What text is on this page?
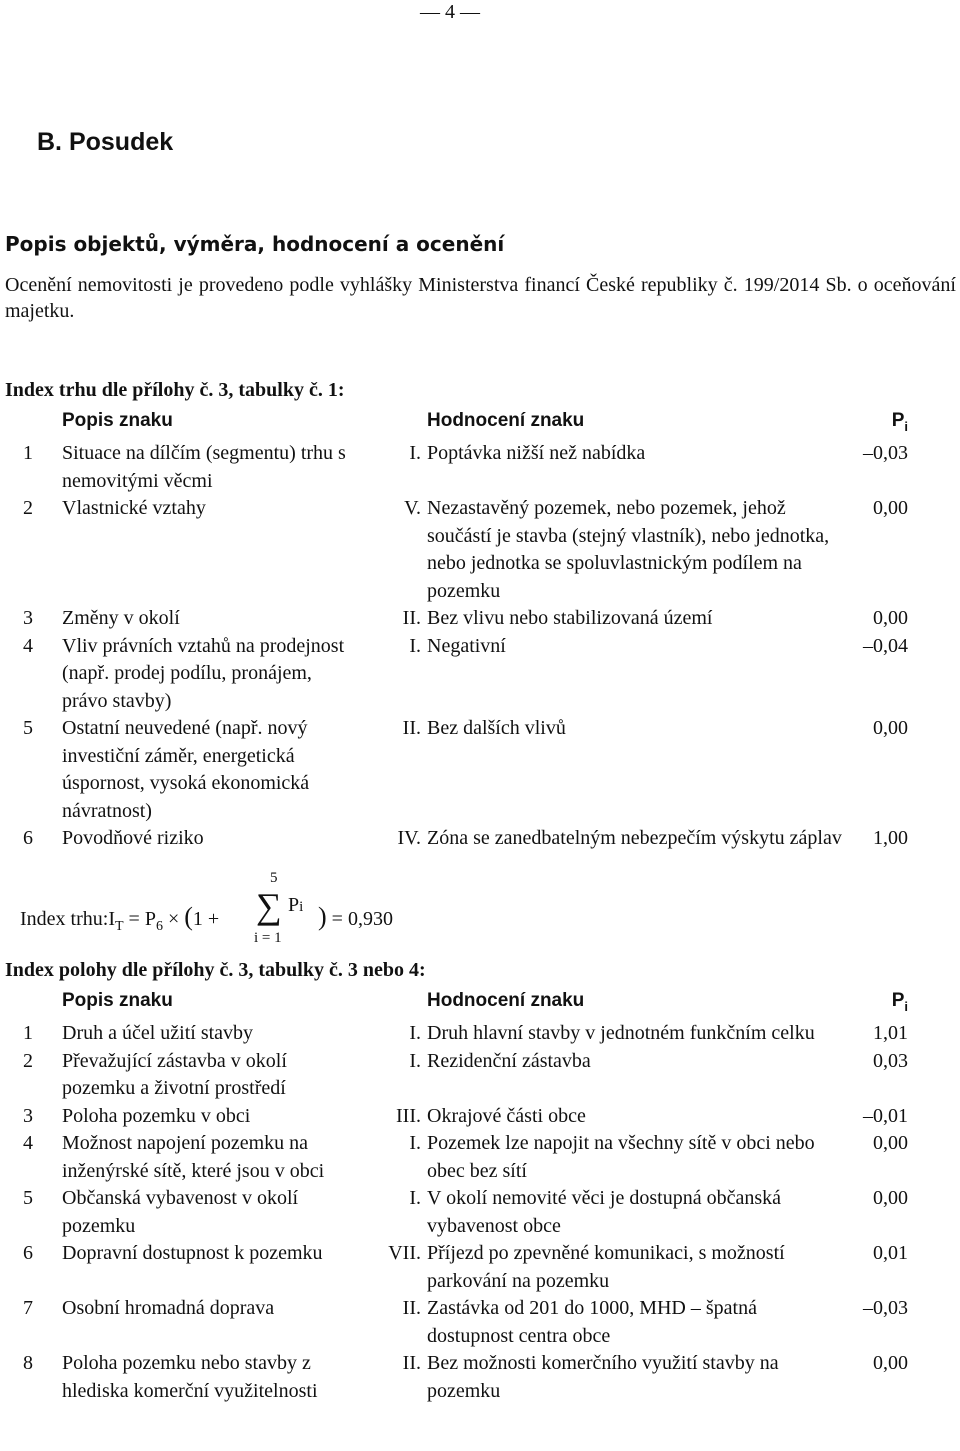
— 4 —
B. Posudek
Popis objektů, výměra, hodnocení a ocenění
Ocenění nemovitosti je provedeno podle vyhlášky Ministerstva financí České republiky č. 199/2014 Sb. o oceňování majetku.
Index trhu dle přílohy č. 3, tabulky č. 1:
	Popis znaku		Hodnocení znaku	$P_i$
1	Situace na dílčím (segmentu) trhu s nemovitými věcmi	I.	Poptávka nižší než nabídka	–0,03
2	Vlastnické vztahy	V.	Nezastavěný pozemek, nebo pozemek, jehož součástí je stavba (stejný vlastník), nebo jednotka, nebo jednotka se spoluvlastnickým podílem na pozemku	0,00
3	Změny v okolí	II.	Bez vlivu nebo stabilizovaná území	0,00
4	Vliv právních vztahů na prodejnost (např. prodej podílu, pronájem, právo stavby)	I.	Negativní	–0,04
5	Ostatní neuvedené (např. nový investiční záměr, energetická úspornost, vysoká ekonomická návratnost)	II.	Bez dalších vlivů	0,00
6	Povodňové riziko	IV.	Zóna se zanedbatelným nebezpečím výskytu záplav	1,00
Index $trhu:I_T = P_6 \times (1$ +
5
∑ Pi ) = 0,930
i = 1
Index polohy dle přílohy č. 3, tabulky č. 3 nebo 4:
	Popis znaku		Hodnocení znaku	$P_i$
1	Druh a účel užití stavby	I.	Druh hlavní stavby v jednotném funkčním celku	1,01
2	Převažující zástavba v okolí pozemku a životní prostředí	I.	Rezidenční zástavba	0,03
3	Poloha pozemku v obci	III.	Okrajové části obce	–0,01
4	Možnost napojení pozemku na inženýrské sítě, které jsou v obci	I.	Pozemek lze napojit na všechny sítě v obci nebo obec bez sítí	0,00
5	Občanská vybavenost v okolí pozemku	I.	V okolí nemovité věci je dostupná občanská vybavenost obce	0,00
6	Dopravní dostupnost k pozemku	VII.	Příjezd po zpevněné komunikaci, s možností parkování na pozemku	0,01
7	Osobní hromadná doprava	II.	Zastávka od 201 do 1000, MHD – špatná dostupnost centra obce	–0,03
8	Poloha pozemku nebo stavby z hlediska komerční využitelnosti	II.	Bez možnosti komerčního využití stavby na pozemku	0,00
